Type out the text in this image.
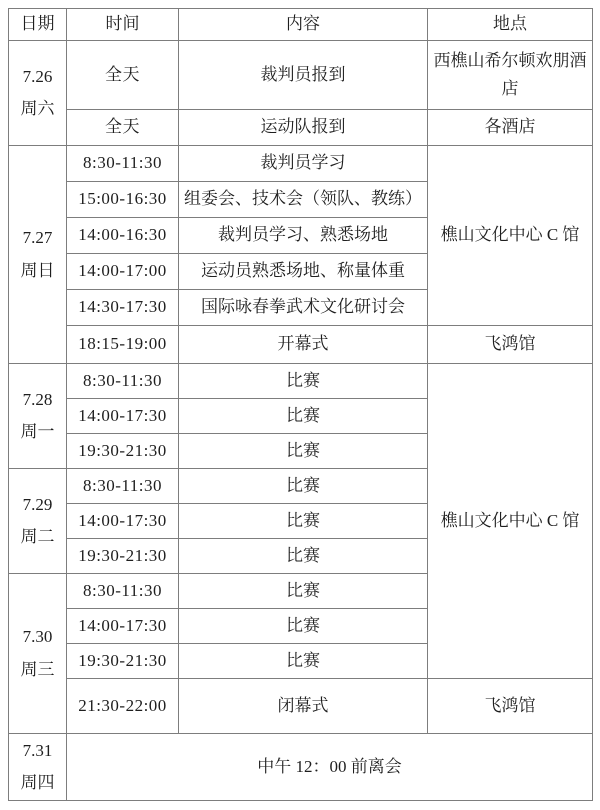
日期	时间	内容	地点

7.26
周六	全天	裁判员报到	西樵山希尔顿欢朋酒店
	全天	运动队报到	各酒店

7.27
周日	8:30-11:30	裁判员学习	樵山文化中心 C 馆
	15:00-16:30	组委会、技术会（领队、教练）	
	14:00-16:30	裁判员学习、熟悉场地	
	14:00-17:00	运动员熟悉场地、称量体重	
	14:30-17:30	国际咏春拳武术文化研讨会	
	18:15-19:00	开幕式	飞鸿馆

7.28
周一	8:30-11:30	比赛	樵山文化中心 C 馆
	14:00-17:30	比赛	
	19:30-21:30	比赛	

7.29
周二	8:30-11:30	比赛	
	14:00-17:30	比赛	
	19:30-21:30	比赛	

7.30
周三	8:30-11:30	比赛	
	14:00-17:30	比赛	
	19:30-21:30	比赛	
	21:30-22:00	闭幕式	飞鸿馆

7.31
周四	中午 12：00 前离会		
